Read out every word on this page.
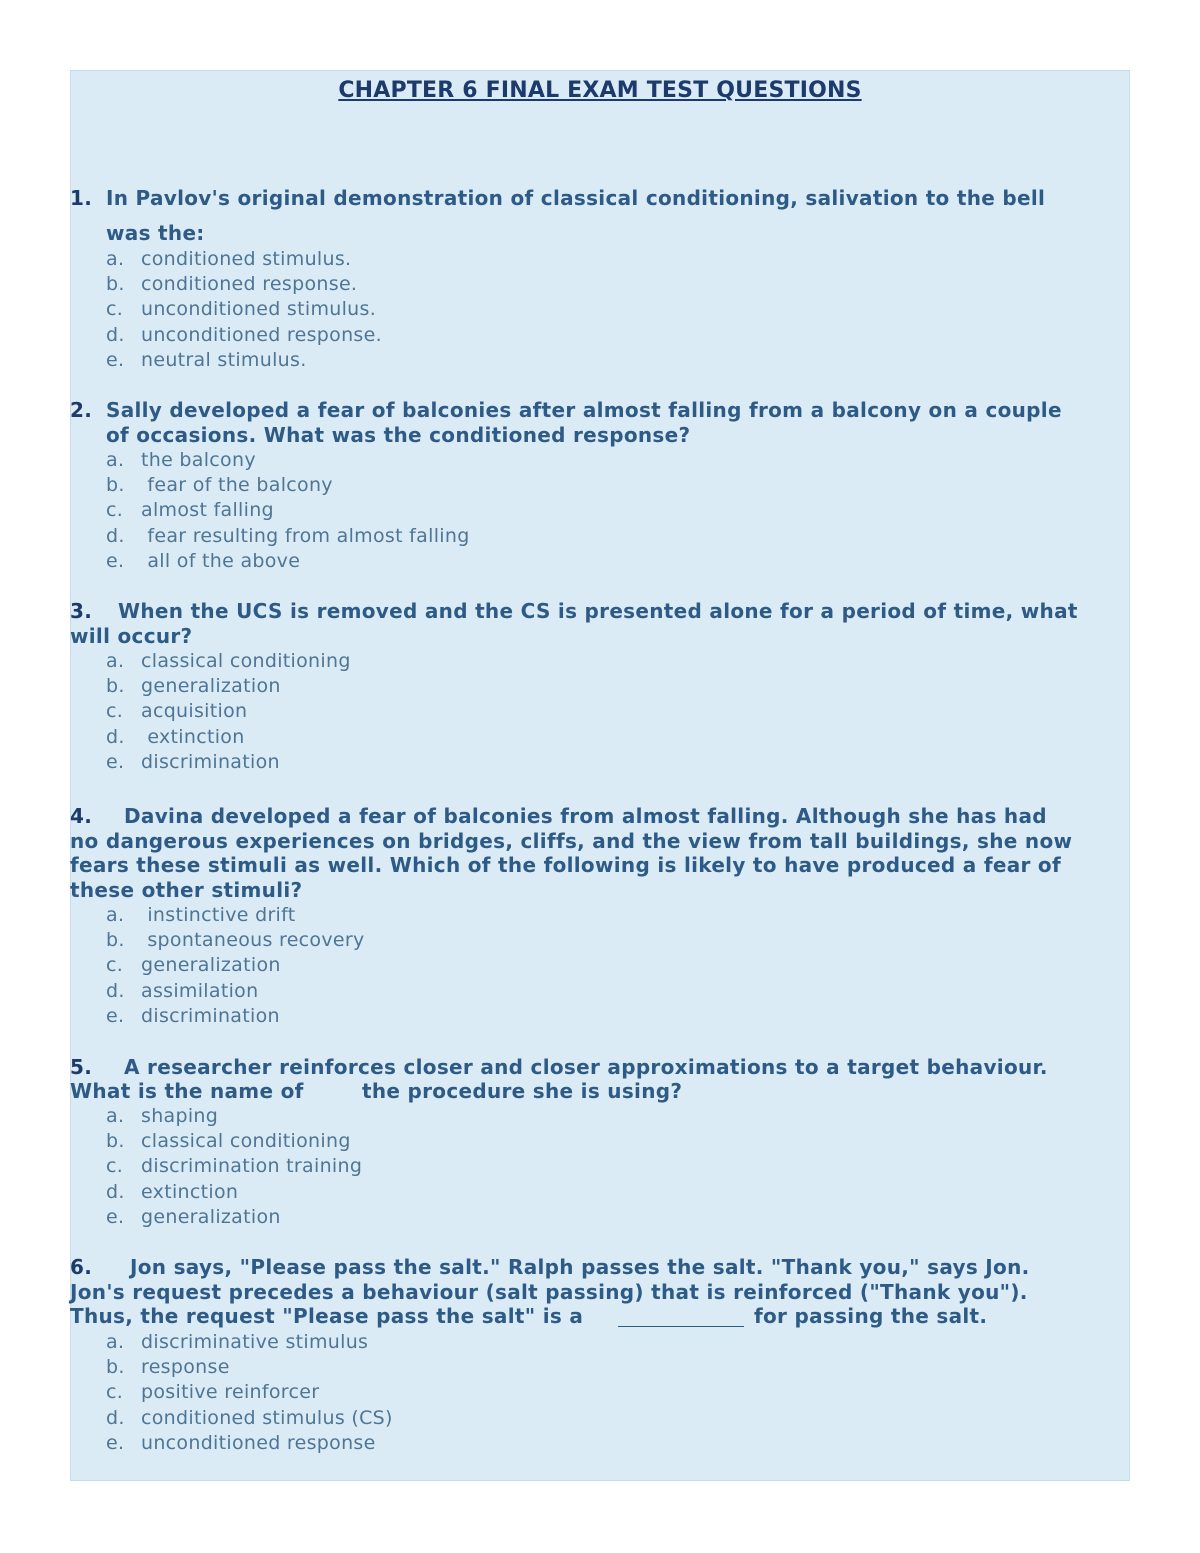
CHAPTER 6 FINAL EXAM TEST QUESTIONS
1. In Pavlov's original demonstration of classical conditioning, salivation to the bell
was the:
a. conditioned stimulus.
b. conditioned response.
c. unconditioned stimulus.
d. unconditioned response.
e. neutral stimulus.
2. Sally developed a fear of balconies after almost falling from a balcony on a couple
of occasions. What was the conditioned response?
a. the balcony
b. fear of the balcony
c. almost falling
d. fear resulting from almost falling
e. all of the above
3. When the UCS is removed and the CS is presented alone for a period of time, what
will occur?
a. classical conditioning
b. generalization
c. acquisition
d. extinction
e. discrimination
4. Davina developed a fear of balconies from almost falling. Although she has had
no dangerous experiences on bridges, cliffs, and the view from tall buildings, she now
fears these stimuli as well. Which of the following is likely to have produced a fear of
these other stimuli?
a. instinctive drift
b. spontaneous recovery
c. generalization
d. assimilation
e. discrimination
5. A researcher reinforces closer and closer approximations to a target behaviour.
What is the name of	the procedure she is using?
a. shaping
b. classical conditioning
c. discrimination training
d. extinction
e. generalization
6. Jon says, "Please pass the salt." Ralph passes the salt. "Thank you," says Jon.
Jon's request precedes a behaviour (salt passing) that is reinforced ("Thank you").
Thus, the request "Please pass the salt" is a	for passing the salt.
a. discriminative stimulus
b. response
c. positive reinforcer
d. conditioned stimulus (CS)
e. unconditioned response
